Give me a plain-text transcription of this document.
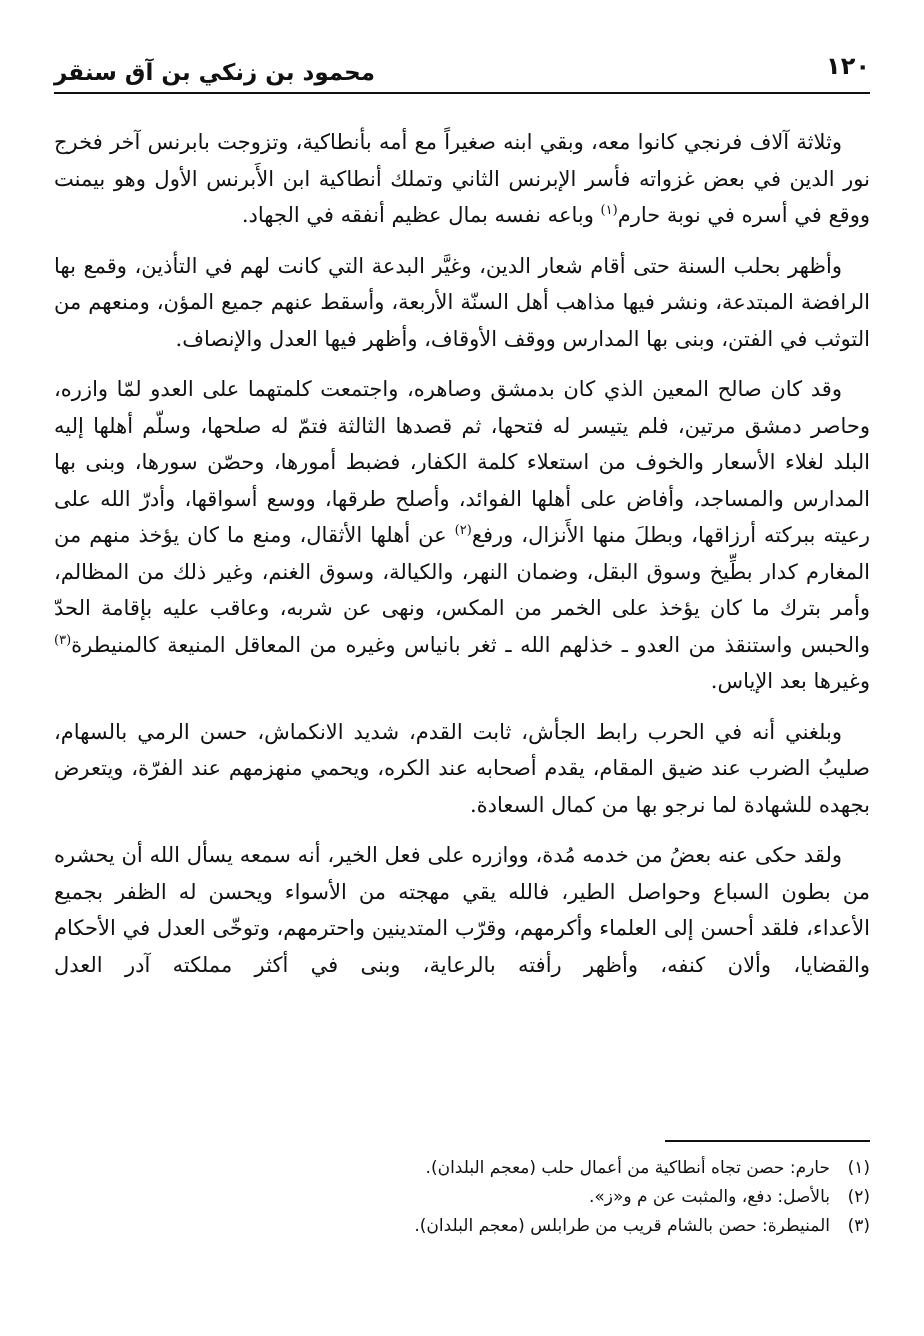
١٢٠
محمود بن زنكي بن آق سنقر

وثلاثة آلاف فرنجي كانوا معه، وبقي ابنه صغيراً مع أمه بأنطاكية، وتزوجت بابرنس آخر فخرج نور الدين في بعض غزواته فأسر الإبرنس الثاني وتملك أنطاكية ابن الأَبرنس الأول وهو بيمنت ووقع في أسره في نوبة حارم$^{(١)}$ وباعه نفسه بمال عظيم أنفقه في الجهاد.

وأظهر بحلب السنة حتى أقام شعار الدين، وغيَّر البدعة التي كانت لهم في التأذين، وقمع بها الرافضة المبتدعة، ونشر فيها مذاهب أهل السنّة الأربعة، وأسقط عنهم جميع المؤن، ومنعهم من التوثب في الفتن، وبنى بها المدارس ووقف الأوقاف، وأظهر فيها العدل والإنصاف.

وقد كان صالح المعين الذي كان بدمشق وصاهره، واجتمعت كلمتهما على العدو لمّا وازره، وحاصر دمشق مرتين، فلم يتيسر له فتحها، ثم قصدها الثالثة فتمّ له صلحها، وسلّم أهلها إليه البلد لغلاء الأسعار والخوف من استعلاء كلمة الكفار، فضبط أمورها، وحصّن سورها، وبنى بها المدارس والمساجد، وأفاض على أهلها الفوائد، وأصلح طرقها، ووسع أسواقها، وأدرّ الله على رعيته ببركته أرزاقها، وبطلَ منها الأَنزال، ورفع$^{(٢)}$ عن أهلها الأثقال، ومنع ما كان يؤخذ منهم من المغارم كدار بطِّيخ وسوق البقل، وضمان النهر، والكيالة، وسوق الغنم، وغير ذلك من المظالم، وأمر بترك ما كان يؤخذ على الخمر من المكس، ونهى عن شربه، وعاقب عليه بإقامة الحدّ والحبس واستنقذ من العدو ـ خذلهم الله ـ ثغر بانياس وغيره من المعاقل المنيعة كالمنيطرة$^{(٣)}$ وغيرها بعد الإياس.

وبلغني أنه في الحرب رابط الجأش، ثابت القدم، شديد الانكماش، حسن الرمي بالسهام، صليبُ الضرب عند ضيق المقام، يقدم أصحابه عند الكره، ويحمي منهزمهم عند الفرّة، ويتعرض بجهده للشهادة لما نرجو بها من كمال السعادة.

ولقد حكى عنه بعضُ من خدمه مُدة، ووازره على فعل الخير، أنه سمعه يسأل الله أن يحشره من بطون السباع وحواصل الطير، فالله يقي مهجته من الأسواء ويحسن له الظفر بجميع الأعداء، فلقد أحسن إلى العلماء وأكرمهم، وقرّب المتدينين واحترمهم، وتوخّى العدل في الأحكام والقضايا، وألان كنفه، وأظهر رأفته بالرعاية، وبنى في أكثر مملكته آدر العدل

(١)حارم: حصن تجاه أنطاكية من أعمال حلب (معجم البلدان).
(٢)بالأصل: دفع، والمثبت عن م و«ز».
(٣)المنيطرة: حصن بالشام قريب من طرابلس (معجم البلدان).
